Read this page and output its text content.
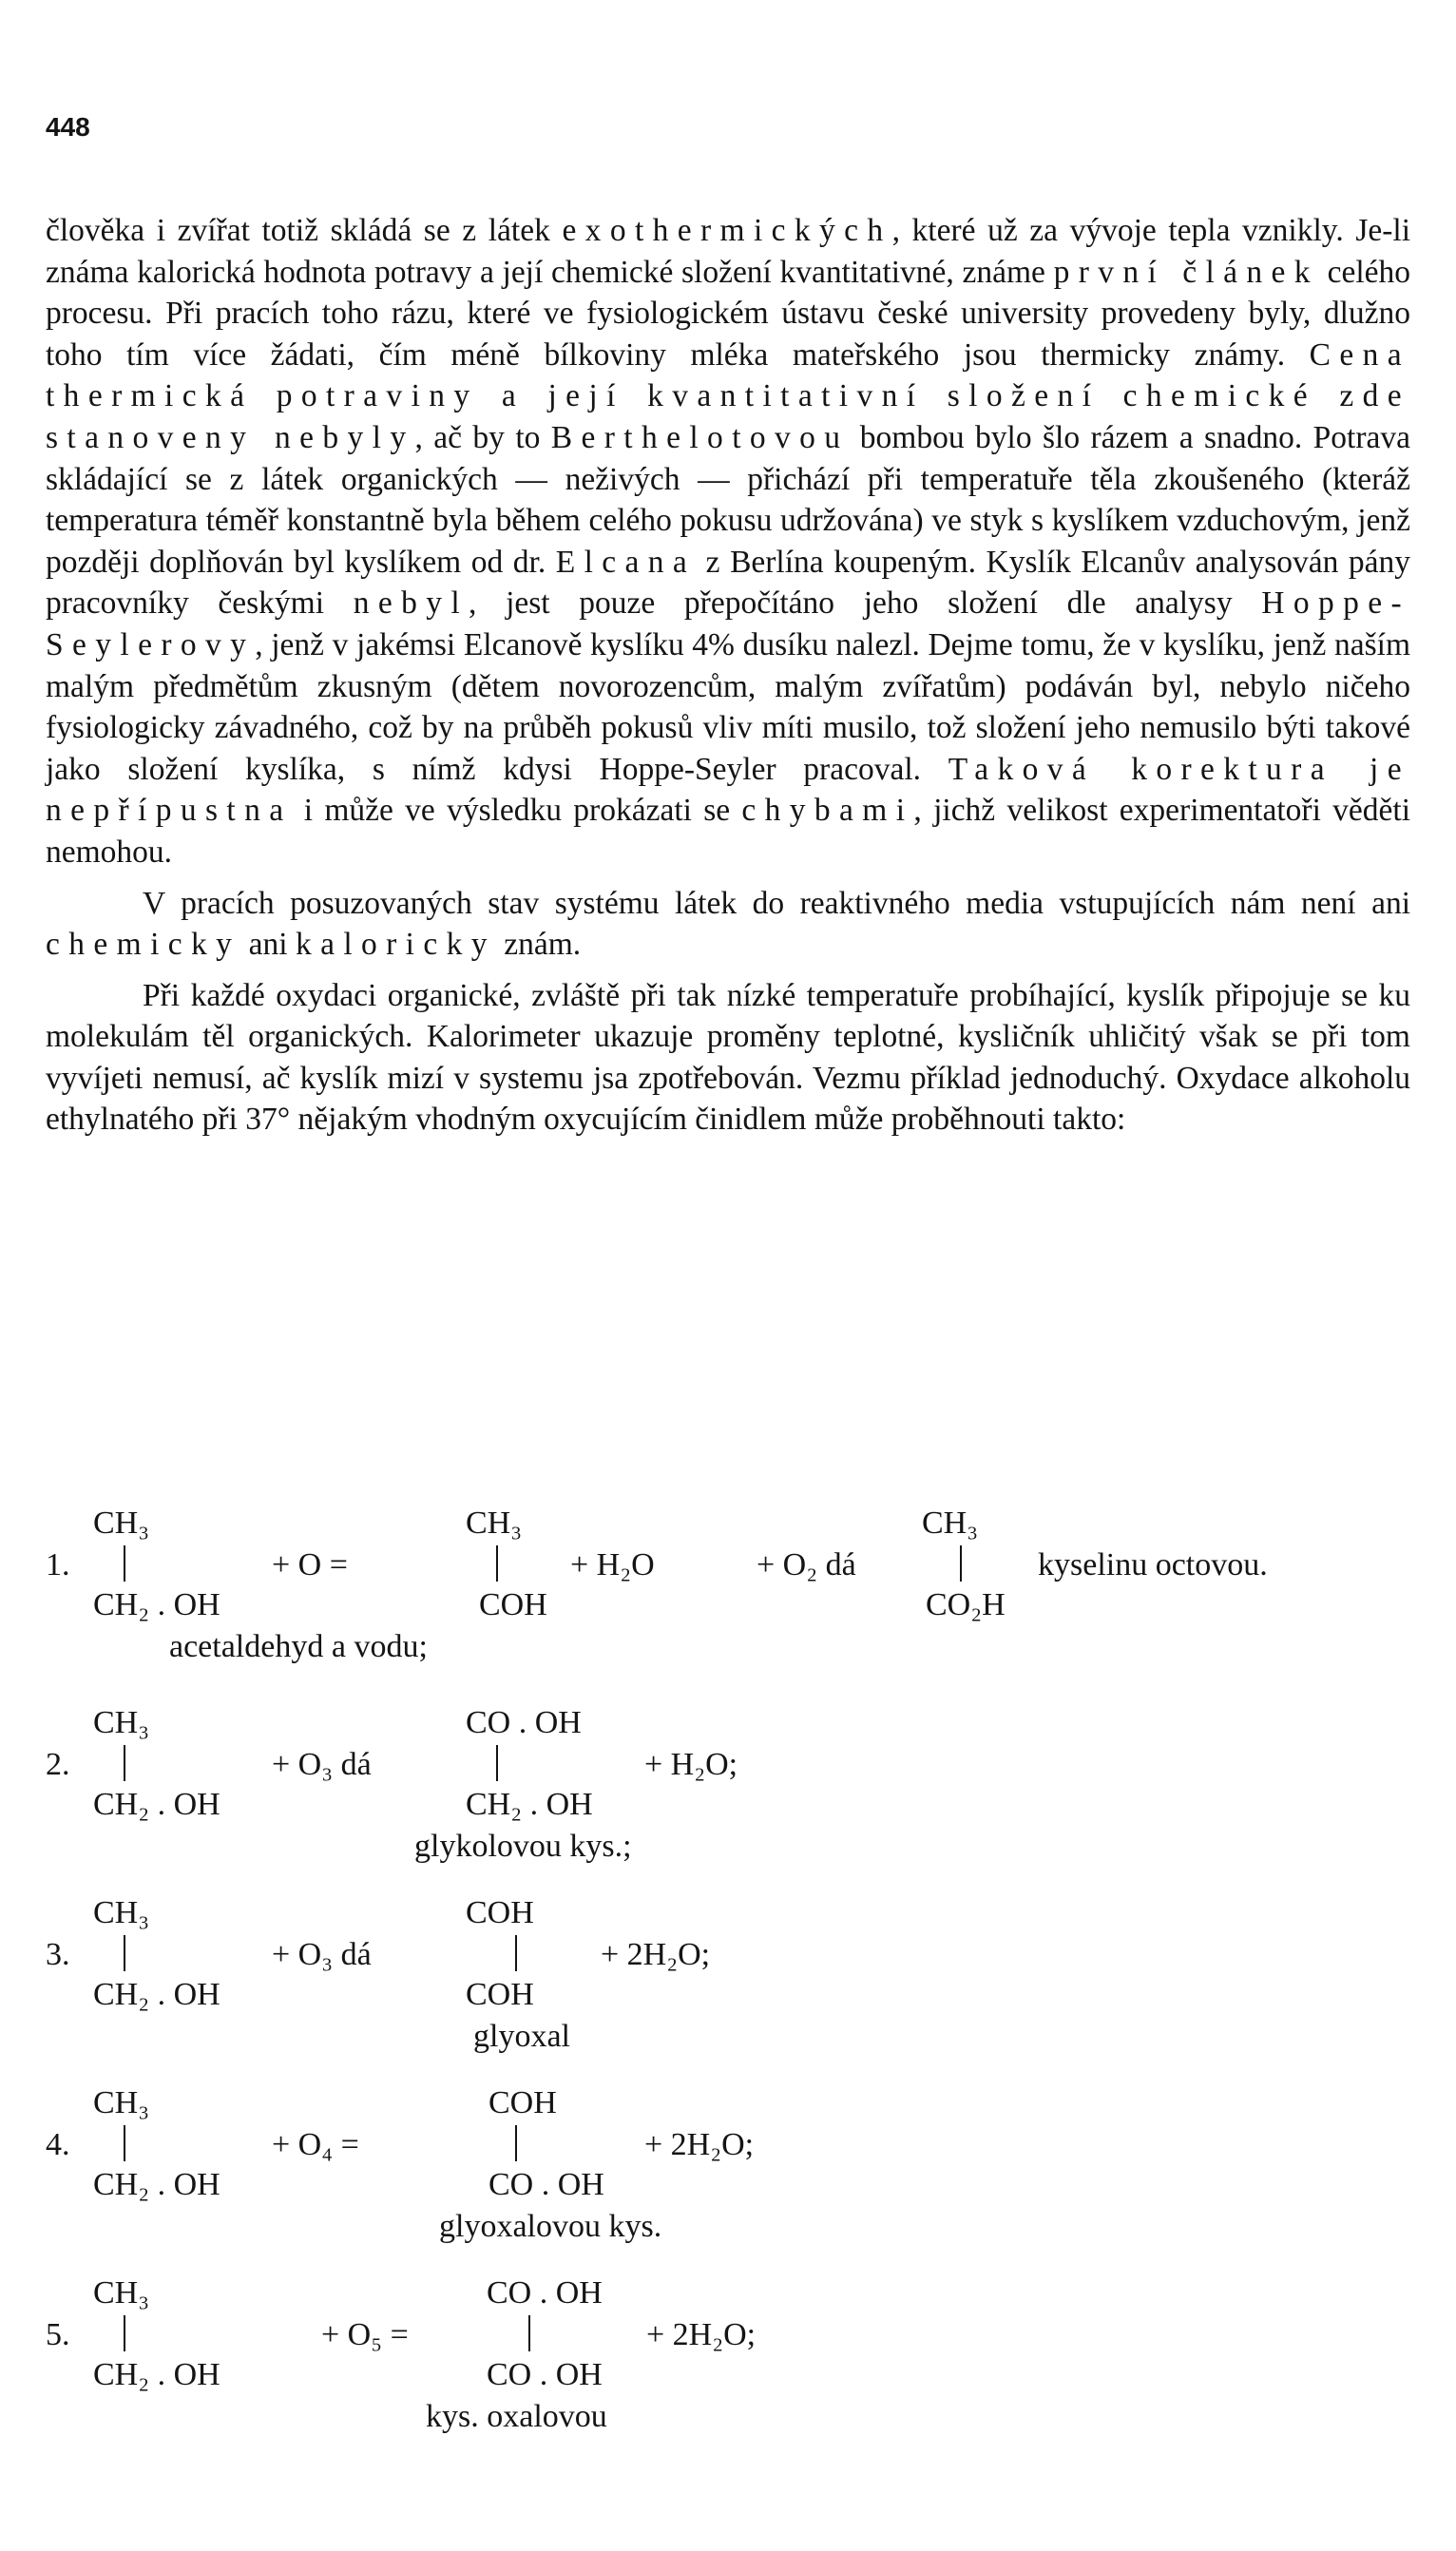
448

člověka i zvířat totiž skládá se z látek exothermických, které už za vývoje tepla vznikly. Je-li známa kalorická hodnota potravy a její chemické složení kvantitativné, známe první článek celého procesu. Při pracích toho rázu, které ve fysiologickém ústavu české university provedeny byly, dlužno toho tím více žádati, čím méně bílkoviny mléka mateřského jsou thermicky známy. Cena thermická potraviny a její kvantitativní složení chemické zde stanoveny nebyly, ač by to Berthelotovou bombou bylo šlo rázem a snadno. Potrava skládající se z látek organických — neživých — přichází při temperatuře těla zkoušeného (kteráž temperatura téměř konstantně byla během celého pokusu udržována) ve styk s kyslíkem vzduchovým, jenž později doplňován byl kyslíkem od dr. Elcana z Berlína koupeným. Kyslík Elcanův analysován pány pracovníky českými nebyl, jest pouze přepočítáno jeho složení dle analysy Hoppe-Seylerovy, jenž v jakémsi Elcanově kyslíku 4% dusíku nalezl. Dejme tomu, že v kyslíku, jenž naším malým předmětům zkusným (dětem novorozencům, malým zvířatům) podáván byl, nebylo ničeho fysiologicky závadného, což by na průběh pokusů vliv míti musilo, tož složení jeho nemusilo býti takové jako složení kyslíka, s nímž kdysi Hoppe-Seyler pracoval. Taková korektura je nepřípustna i může ve výsledku prokázati se chybami, jichž velikost experimentatoři věděti nemohou.

V pracích posuzovaných stav systému látek do reaktivného media vstupujících nám není ani chemicky ani kaloricky znám.

Při každé oxydaci organické, zvláště při tak nízké temperatuře probíhající, kyslík připojuje se ku molekulám těl organických. Kalorimeter ukazuje proměny teplotné, kysličník uhličitý však se při tom vyvíjeti nemusí, ač kyslík mizí v systemu jsa zpotřebován. Vezmu příklad jednoduchý. Oxydace alkoholu ethylnatého při 37° nějakým vhodným oxycujícím činidlem může proběhnouti takto:

1.
CH₃
CH₂ . OH
+ O =
CH₃
COH
+ H₂O	+ O₂ dá
CH₃
CO₂H
kyselinu octovou.
acetaldehyd a vodu;
2.
CH₃
CH₂ . OH
+ O₃ dá
CO . OH
CH₂ . OH
+ H₂O;
glykolovou kys.;
3.
CH₃
CH₂ . OH
+ O₃ dá
COH
COH
+ 2H₂O;
glyoxal
4.
CH₃
CH₂ . OH
+ O₄ =
COH
CO . OH
+ 2H₂O;
glyoxalovou kys.
5.
CH₃
CH₂ . OH
+ O₅ =
CO . OH
CO . OH
+ 2H₂O;
kys. oxalovou
